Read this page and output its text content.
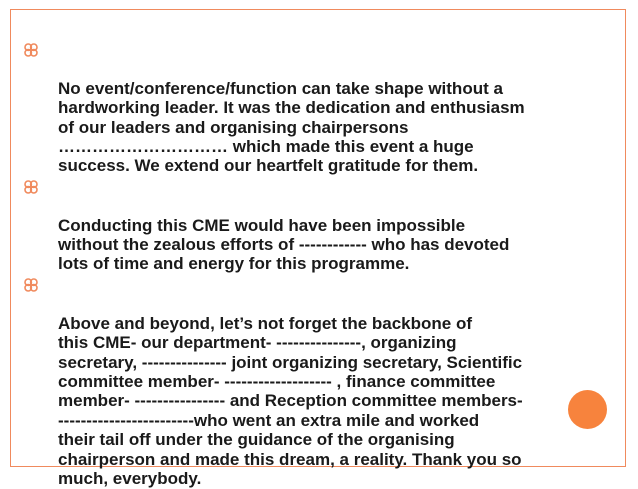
No event/conference/function can take shape without a
hardworking leader. It was the dedication and enthusiasm
of our leaders and organising chairpersons
………………………… which made this event a huge
success. We extend our heartfelt gratitude for them.

Conducting this CME would have been impossible
without the zealous efforts of ------------ who has devoted
lots of time and energy for this programme.

Above and beyond, let’s not forget the backbone of
this CME- our department- ---------------, organizing
secretary, --------------- joint organizing secretary, Scientific
committee member- ------------------- , finance committee
member- ---------------- and Reception committee members-
------------------------who went an extra mile and worked
their tail off under the guidance of the organising
chairperson and made this dream, a reality. Thank you so
much, everybody.
